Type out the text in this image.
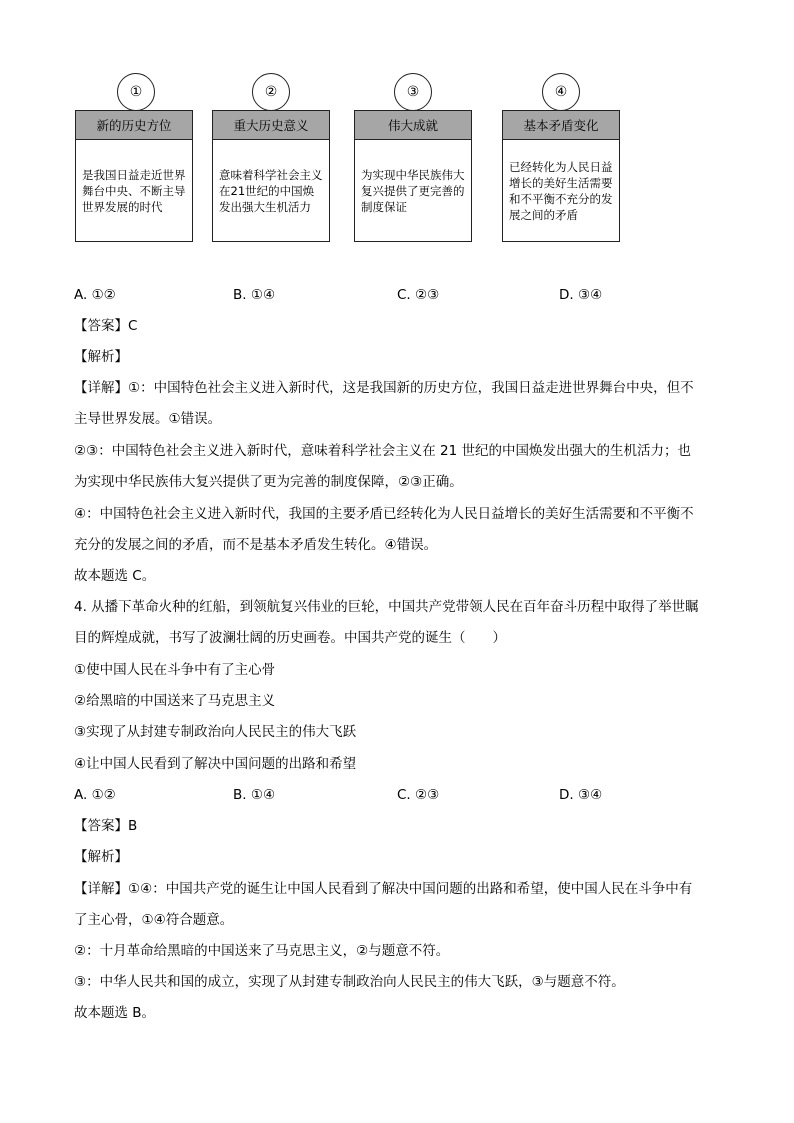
①
新的历史方位
是我国日益走近世界舞台中央、不断主导世界发展的时代
②
重大历史意义
意味着科学社会主义在21世纪的中国焕发出强大生机活力
③
伟大成就
为实现中华民族伟大复兴提供了更完善的制度保证
④
基本矛盾变化
已经转化为人民日益增长的美好生活需要和不平衡不充分的发展之间的矛盾
A. ①②	B. ①④	C. ②③	D. ③④
【答案】C
【解析】
【详解】①：中国特色社会主义进入新时代，这是我国新的历史方位，我国日益走进世界舞台中央，但不
主导世界发展。①错误。
②③：中国特色社会主义进入新时代，意味着科学社会主义在 21 世纪的中国焕发出强大的生机活力；也
为实现中华民族伟大复兴提供了更为完善的制度保障，②③正确。
④：中国特色社会主义进入新时代，我国的主要矛盾已经转化为人民日益增长的美好生活需要和不平衡不
充分的发展之间的矛盾，而不是基本矛盾发生转化。④错误。
故本题选 C。
4. 从播下革命火种的红船，到领航复兴伟业的巨轮，中国共产党带领人民在百年奋斗历程中取得了举世瞩
目的辉煌成就，书写了波澜壮阔的历史画卷。中国共产党的诞生（　　）
①使中国人民在斗争中有了主心骨
②给黑暗的中国送来了马克思主义
③实现了从封建专制政治向人民民主的伟大飞跃
④让中国人民看到了解决中国问题的出路和希望
A. ①②	B. ①④	C. ②③	D. ③④
【答案】B
【解析】
【详解】①④：中国共产党的诞生让中国人民看到了解决中国问题的出路和希望，使中国人民在斗争中有
了主心骨，①④符合题意。
②：十月革命给黑暗的中国送来了马克思主义，②与题意不符。
③：中华人民共和国的成立，实现了从封建专制政治向人民民主的伟大飞跃，③与题意不符。
故本题选 B。
